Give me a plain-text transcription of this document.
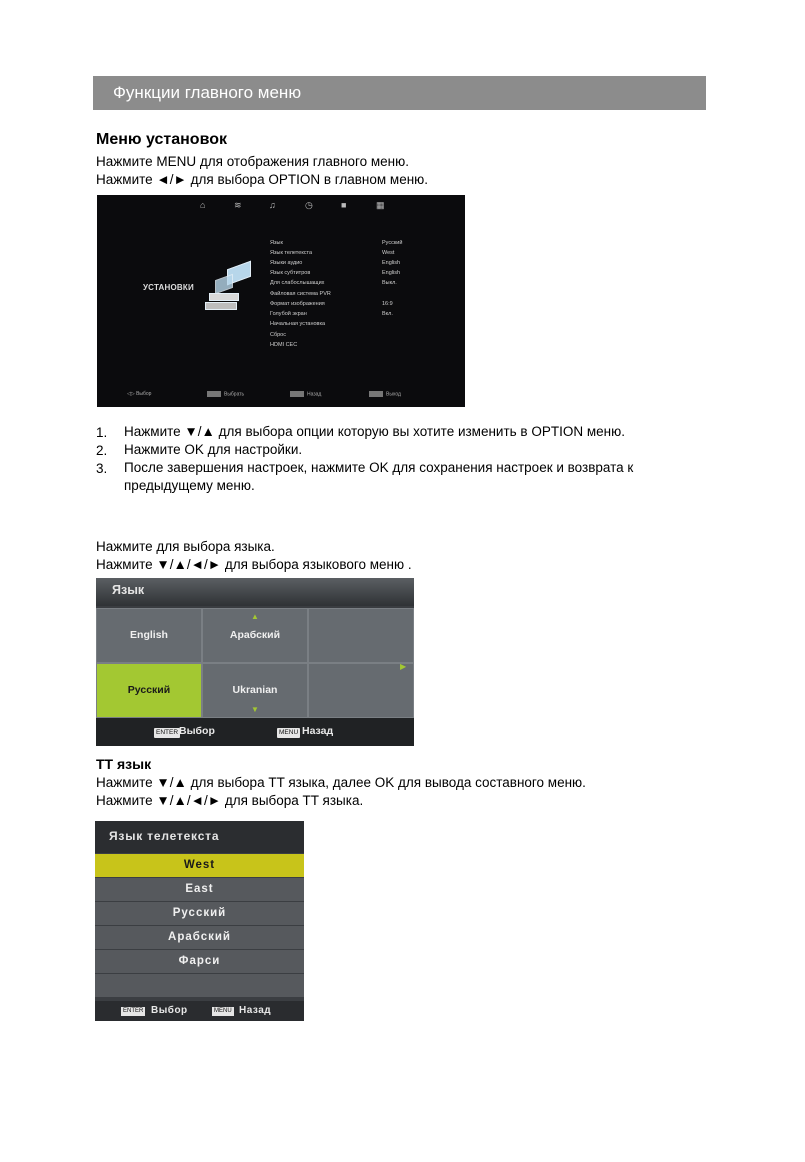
Функции главного меню
Меню установок
Нажмите MENU для отображения главного меню.
Нажмите ◄/► для выбора OPTION в главном меню.
⌂	≋	♫	◷	■	▦
УСТАНОВКИ
Язык	Русский
Язык телетекста	West
Языки аудио	English
Язык субтитров	English
Для слабослышащих	Выкл.
Файловая система PVR
Формат изображения	16:9
Голубой экран	Вкл.
Начальная установка
Сброс
HDMI CEC
◁▷ Выбор	Выбрать	Назад	Выход
1. Нажмите ▼/▲ для выбора опции которую вы хотите изменить в OPTION меню.
2. Нажмите OK для настройки.
3. После завершения настроек, нажмите OK для сохранения настроек и возврата к
предыдущему меню.
Нажмите для выбора языка.
Нажмите ▼/▲/◄/► для выбора языкового меню .
Язык
English	Арабский
Русский	Ukranian
▲
▼
◀	▶
ENTER Выбор	MENU Назад
TT язык
Нажмите ▼/▲ для выбора TT языка, далее OK для вывода составного меню.
Нажмите ▼/▲/◄/► для выбора TT языка.
Язык телетекста
West
East
Русский
Арабский
Фарси
ENTER Выбор	MENU Назад
